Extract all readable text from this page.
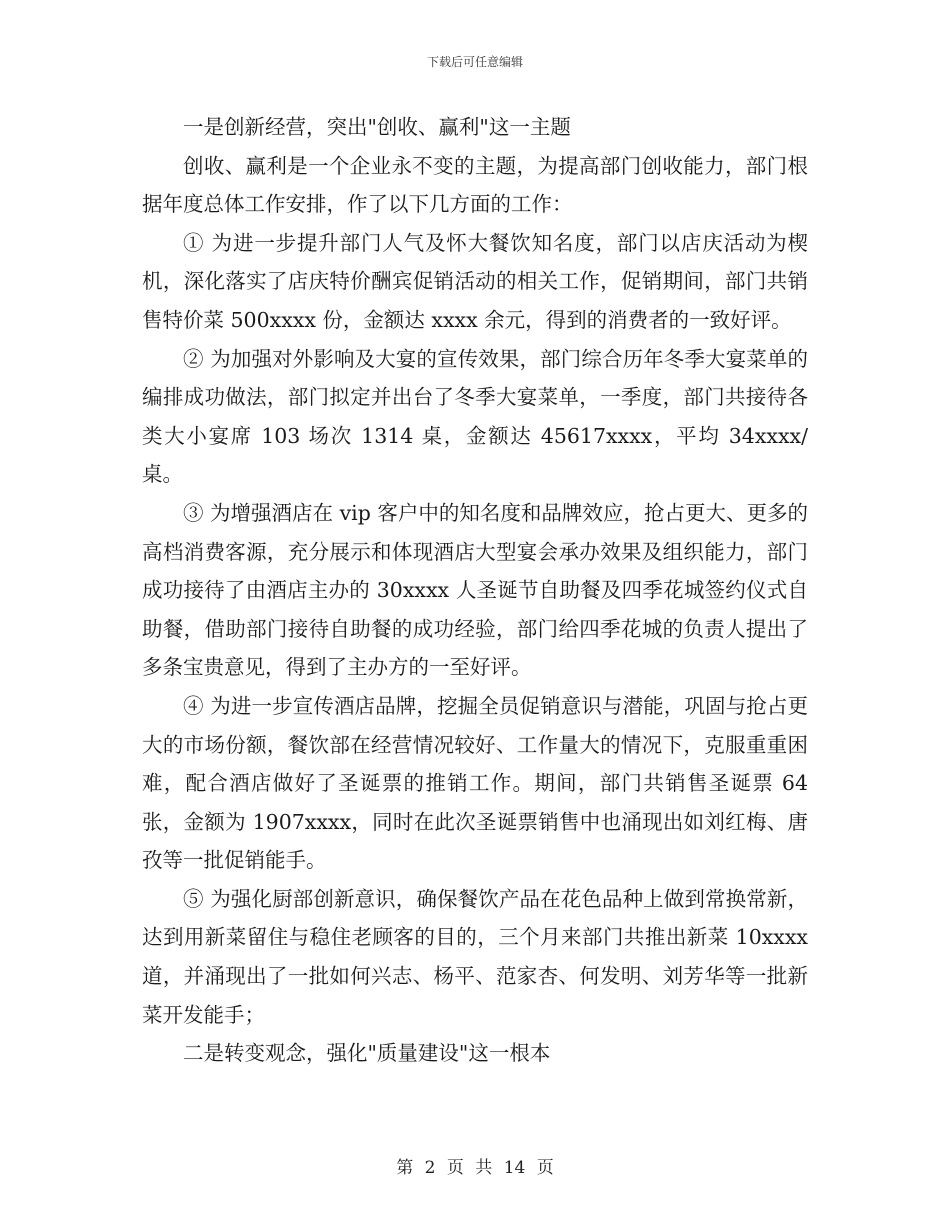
下载后可任意编辑

一是创新经营，突出"创收、赢利"这一主题

创收、赢利是一个企业永不变的主题，为提高部门创收能力，部门根据年度总体工作安排，作了以下几方面的工作：

① 为进一步提升部门人气及怀大餐饮知名度，部门以店庆活动为楔机，深化落实了店庆特价酬宾促销活动的相关工作，促销期间，部门共销售特价菜 500xxxx 份，金额达 xxxx 余元，得到的消费者的一致好评。

② 为加强对外影响及大宴的宣传效果，部门综合历年冬季大宴菜单的编排成功做法，部门拟定并出台了冬季大宴菜单，一季度，部门共接待各类大小宴席 103 场次 1314 桌，金额达 45617xxxx，平均 34xxxx/桌。

③ 为增强酒店在 vip 客户中的知名度和品牌效应，抢占更大、更多的高档消费客源，充分展示和体现酒店大型宴会承办效果及组织能力，部门成功接待了由酒店主办的 30xxxx 人圣诞节自助餐及四季花城签约仪式自助餐，借助部门接待自助餐的成功经验，部门给四季花城的负责人提出了多条宝贵意见，得到了主办方的一至好评。

④ 为进一步宣传酒店品牌，挖掘全员促销意识与潜能，巩固与抢占更大的市场份额，餐饮部在经营情况较好、工作量大的情况下，克服重重困难，配合酒店做好了圣诞票的推销工作。期间，部门共销售圣诞票 64 张，金额为 1907xxxx，同时在此次圣诞票销售中也涌现出如刘红梅、唐孜等一批促销能手。

⑤ 为强化厨部创新意识，确保餐饮产品在花色品种上做到常换常新，达到用新菜留住与稳住老顾客的目的，三个月来部门共推出新菜 10xxxx 道，并涌现出了一批如何兴志、杨平、范家杏、何发明、刘芳华等一批新菜开发能手；

二是转变观念，强化"质量建设"这一根本

第 2 页 共 14 页
